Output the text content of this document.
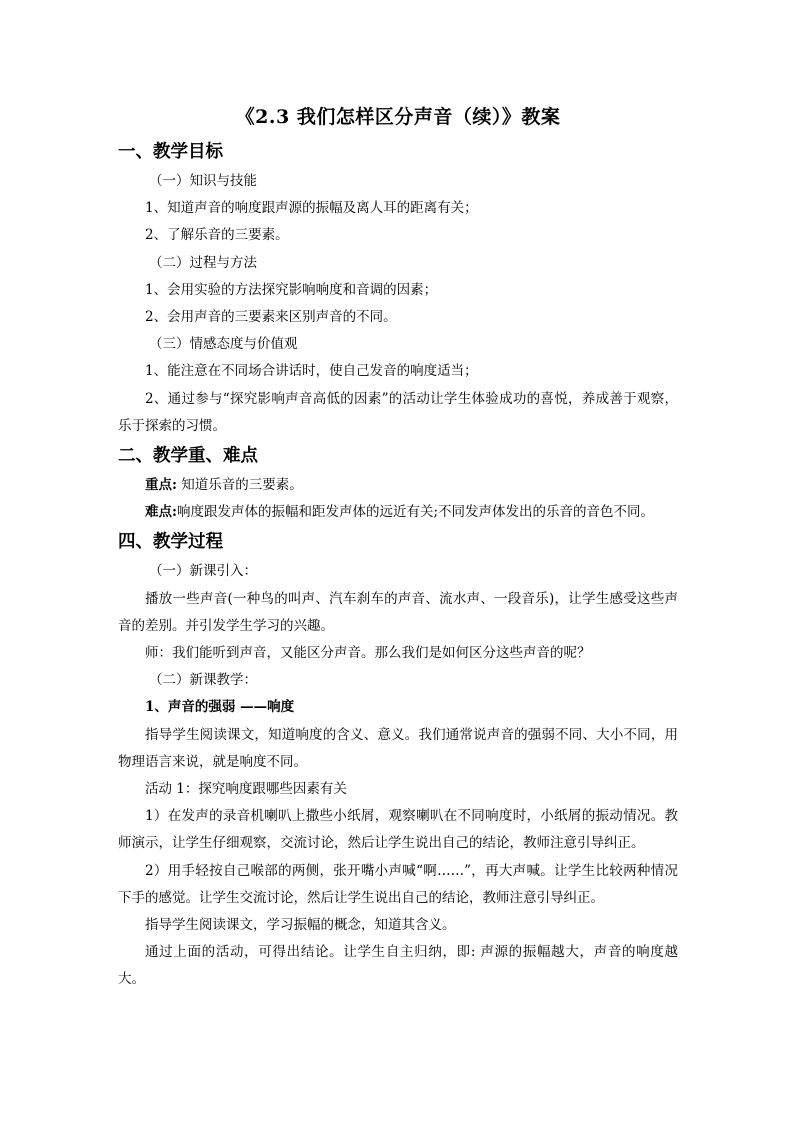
《2.3 我们怎样区分声音（续）》教案
一、教学目标

（一）知识与技能

1、知道声音的响度跟声源的振幅及离人耳的距离有关；

2、了解乐音的三要素。

（二）过程与方法

1、会用实验的方法探究影响响度和音调的因素；

2、会用声音的三要素来区别声音的不同。

（三）情感态度与价值观

1、能注意在不同场合讲话时，使自己发音的响度适当；

2、通过参与“探究影响声音高低的因素”的活动让学生体验成功的喜悦，养成善于观察，乐于探索的习惯。

二、教学重、难点

重点: 知道乐音的三要素。

难点:响度跟发声体的振幅和距发声体的远近有关;不同发声体发出的乐音的音色不同。

四、教学过程

（一）新课引入：

播放一些声音(一种鸟的叫声、汽车刹车的声音、流水声、一段音乐)，让学生感受这些声音的差别。并引发学生学习的兴趣。

师：我们能听到声音，又能区分声音。那么我们是如何区分这些声音的呢？

（二）新课教学：

1、声音的强弱 ——响度

指导学生阅读课文，知道响度的含义、意义。我们通常说声音的强弱不同、大小不同，用物理语言来说，就是响度不同。

活动 1：探究响度跟哪些因素有关

1）在发声的录音机喇叭上撒些小纸屑，观察喇叭在不同响度时，小纸屑的振动情况。教师演示，让学生仔细观察，交流讨论，然后让学生说出自己的结论，教师注意引导纠正。

2）用手轻按自己喉部的两侧，张开嘴小声喊“啊……”，再大声喊。让学生比较两种情况下手的感觉。让学生交流讨论，然后让学生说出自己的结论，教师注意引导纠正。

指导学生阅读课文，学习振幅的概念，知道其含义。

通过上面的活动，可得出结论。让学生自主归纳，即: 声源的振幅越大，声音的响度越大。
